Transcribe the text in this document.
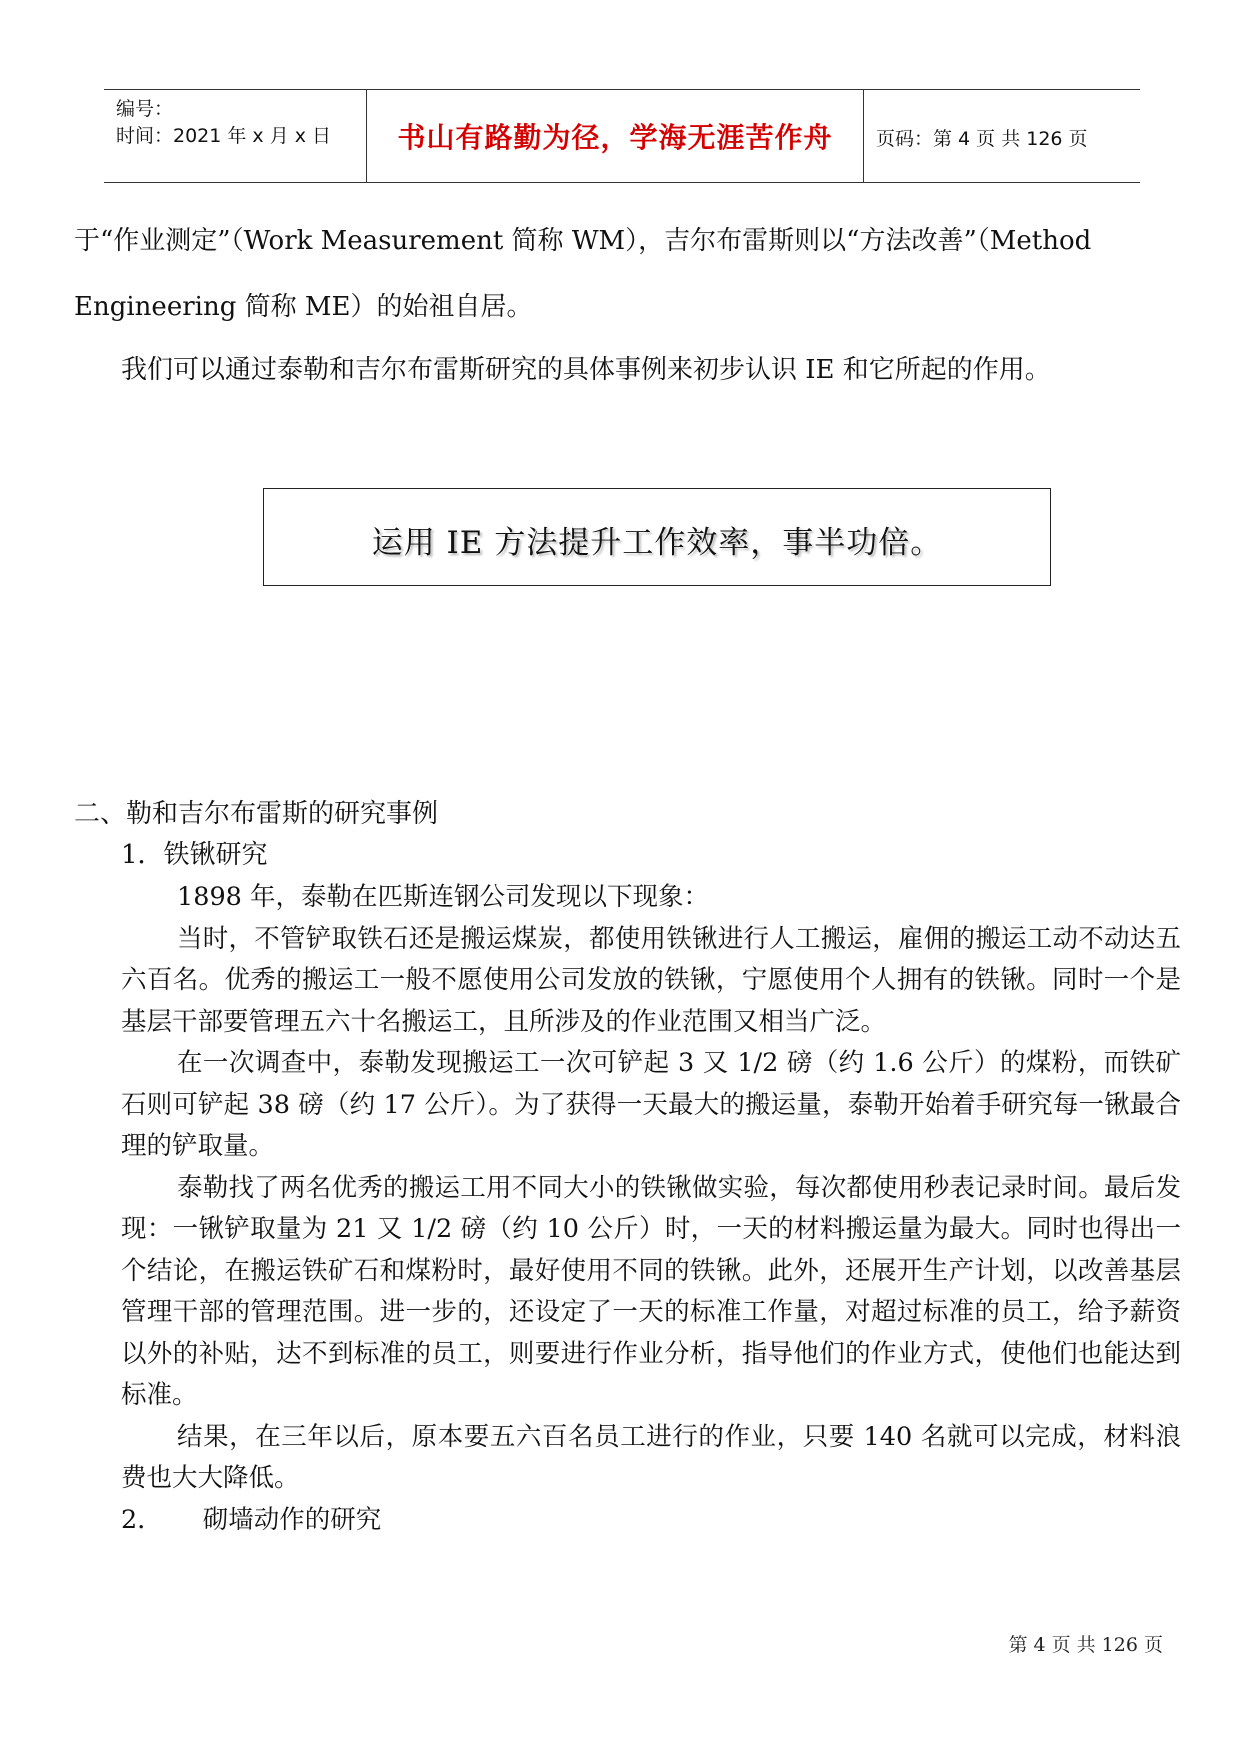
编号：
时间：2021 年 x 月 x 日	书山有路勤为径，学海无涯苦作舟	页码：第 4 页 共 126 页
于“作业测定”（Work Measurement 简称 WM），吉尔布雷斯则以“方法改善”（Method
Engineering 简称 ME）的始祖自居。
我们可以通过泰勒和吉尔布雷斯研究的具体事例来初步认识 IE 和它所起的作用。
运用 IE 方法提升工作效率，事半功倍。
二、勒和吉尔布雷斯的研究事例
1．铁锹研究
1898 年，泰勒在匹斯连钢公司发现以下现象：
当时，不管铲取铁石还是搬运煤炭，都使用铁锹进行人工搬运，雇佣的搬运工动不动达五六百名。优秀的搬运工一般不愿使用公司发放的铁锹，宁愿使用个人拥有的铁锹。同时一个是基层干部要管理五六十名搬运工，且所涉及的作业范围又相当广泛。
在一次调查中，泰勒发现搬运工一次可铲起 3 又 1/2 磅（约 1.6 公斤）的煤粉，而铁矿石则可铲起 38 磅（约 17 公斤）。为了获得一天最大的搬运量，泰勒开始着手研究每一锹最合理的铲取量。
泰勒找了两名优秀的搬运工用不同大小的铁锹做实验，每次都使用秒表记录时间。最后发现：一锹铲取量为 21 又 1/2 磅（约 10 公斤）时，一天的材料搬运量为最大。同时也得出一个结论，在搬运铁矿石和煤粉时，最好使用不同的铁锹。此外，还展开生产计划，以改善基层管理干部的管理范围。进一步的，还设定了一天的标准工作量，对超过标准的员工，给予薪资以外的补贴，达不到标准的员工，则要进行作业分析，指导他们的作业方式，使他们也能达到标准。
结果，在三年以后，原本要五六百名员工进行的作业，只要 140 名就可以完成，材料浪费也大大降低。
2． 砌墙动作的研究
第 4 页 共 126 页
